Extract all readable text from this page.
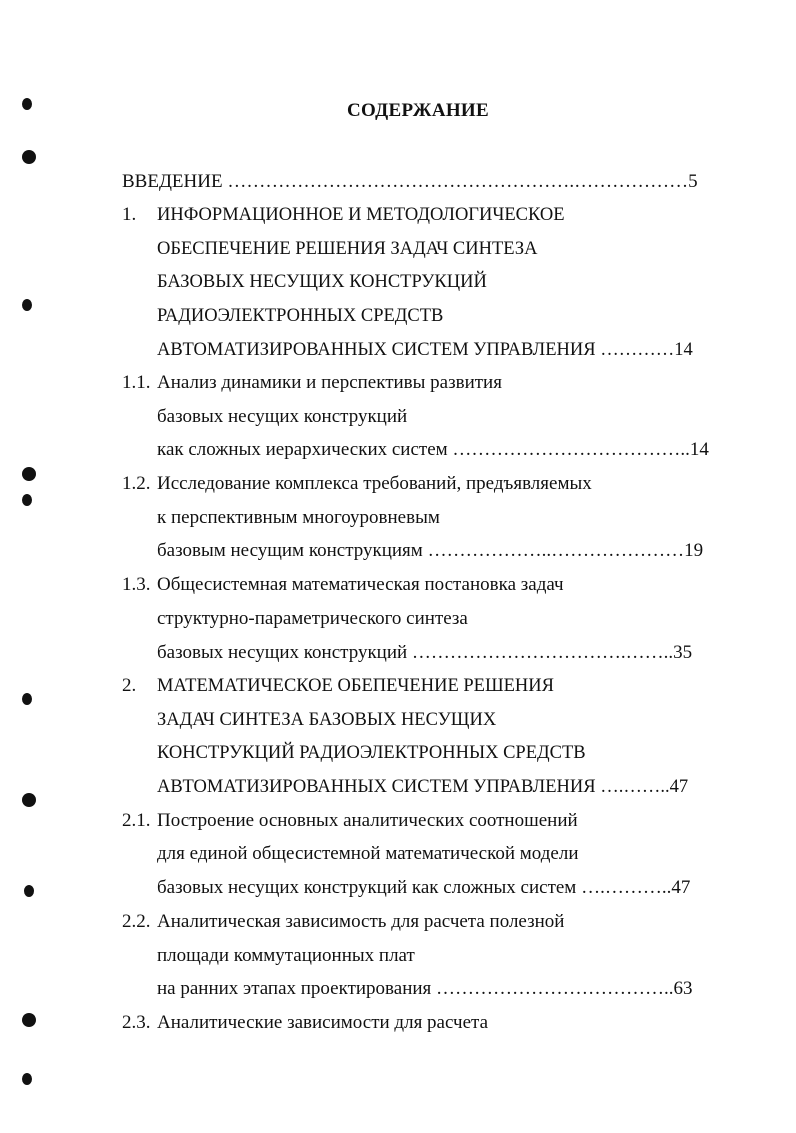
СОДЕРЖАНИЕ
ВВЕДЕНИЕ ……………………………………………….………………5
1. ИНФОРМАЦИОННОЕ И МЕТОДОЛОГИЧЕСКОЕ
ОБЕСПЕЧЕНИЕ РЕШЕНИЯ ЗАДАЧ СИНТЕЗА
БАЗОВЫХ НЕСУЩИХ КОНСТРУКЦИЙ
РАДИОЭЛЕКТРОННЫХ СРЕДСТВ
АВТОМАТИЗИРОВАННЫХ СИСТЕМ УПРАВЛЕНИЯ …………14
1.1. Анализ динамики и перспективы развития
базовых несущих конструкций
как сложных иерархических систем ………………………………..14
1.2. Исследование комплекса требований, предъявляемых
к перспективным многоуровневым
базовым несущим конструкциям ………………..…………………19
1.3. Общесистемная математическая постановка задач
структурно-параметрического синтеза
базовых несущих конструкций …………………………….……..35
2. МАТЕМАТИЧЕСКОЕ ОБЕПЕЧЕНИЕ РЕШЕНИЯ
ЗАДАЧ СИНТЕЗА БАЗОВЫХ НЕСУЩИХ
КОНСТРУКЦИЙ РАДИОЭЛЕКТРОННЫХ СРЕДСТВ
АВТОМАТИЗИРОВАННЫХ СИСТЕМ УПРАВЛЕНИЯ ….……..47
2.1. Построение основных аналитических соотношений
для единой общесистемной математической модели
базовых несущих конструкций как сложных систем ….………..47
2.2. Аналитическая зависимость для расчета полезной
площади коммутационных плат
на ранних этапах проектирования ………………………………..63
2.3. Аналитические зависимости для расчета
